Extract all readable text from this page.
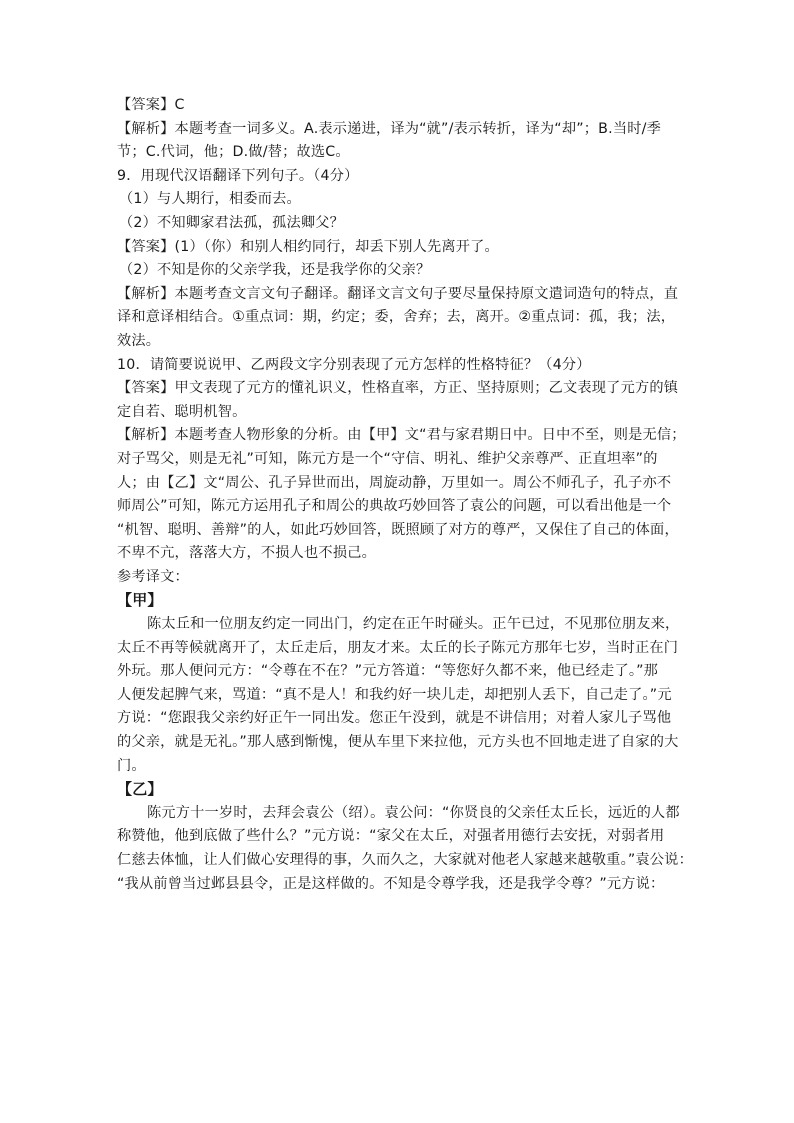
【答案】C
【解析】本题考查一词多义。A.表示递进，译为“就”/表示转折，译为“却”；B.当时/季
节；C.代词，他；D.做/替；故选C。
9．用现代汉语翻译下列句子。（4分）
（1）与人期行，相委而去。
（2）不知卿家君法孤，孤法卿父？
【答案】(1）（你）和别人相约同行，却丢下别人先离开了。
（2）不知是你的父亲学我，还是我学你的父亲？
【解析】本题考查文言文句子翻译。翻译文言文句子要尽量保持原文遣词造句的特点，直
译和意译相结合。①重点词：期，约定；委，舍弃；去，离开。②重点词：孤，我；法，
效法。
10．请简要说说甲、乙两段文字分别表现了元方怎样的性格特征？（4分）
【答案】甲文表现了元方的懂礼识义，性格直率，方正、坚持原则；乙文表现了元方的镇
定自若、聪明机智。
【解析】本题考查人物形象的分析。由【甲】文“君与家君期日中。日中不至，则是无信；
对子骂父，则是无礼”可知，陈元方是一个“守信、明礼、维护父亲尊严、正直坦率”的
人；由【乙】文“周公、孔子异世而出，周旋动静，万里如一。周公不师孔子，孔子亦不
师周公”可知，陈元方运用孔子和周公的典故巧妙回答了袁公的问题，可以看出他是一个
“机智、聪明、善辩”的人，如此巧妙回答，既照顾了对方的尊严，又保住了自己的体面，
不卑不亢，落落大方，不损人也不损己。
参考译文：
【甲】
陈太丘和一位朋友约定一同出门，约定在正午时碰头。正午已过，不见那位朋友来，
太丘不再等候就离开了，太丘走后，朋友才来。太丘的长子陈元方那年七岁，当时正在门
外玩。那人便问元方：“令尊在不在？”元方答道：“等您好久都不来，他已经走了。”那
人便发起脾气来，骂道：“真不是人！和我约好一块儿走，却把别人丢下，自己走了。”元
方说：“您跟我父亲约好正午一同出发。您正午没到，就是不讲信用；对着人家儿子骂他
的父亲，就是无礼。”那人感到惭愧，便从车里下来拉他，元方头也不回地走进了自家的大
门。
【乙】
陈元方十一岁时，去拜会袁公（绍）。袁公问：“你贤良的父亲任太丘长，远近的人都
称赞他，他到底做了些什么？”元方说：“家父在太丘，对强者用德行去安抚，对弱者用
仁慈去体恤，让人们做心安理得的事，久而久之，大家就对他老人家越来越敬重。”袁公说：
“我从前曾当过邺县县令，正是这样做的。不知是令尊学我，还是我学令尊？”元方说：
